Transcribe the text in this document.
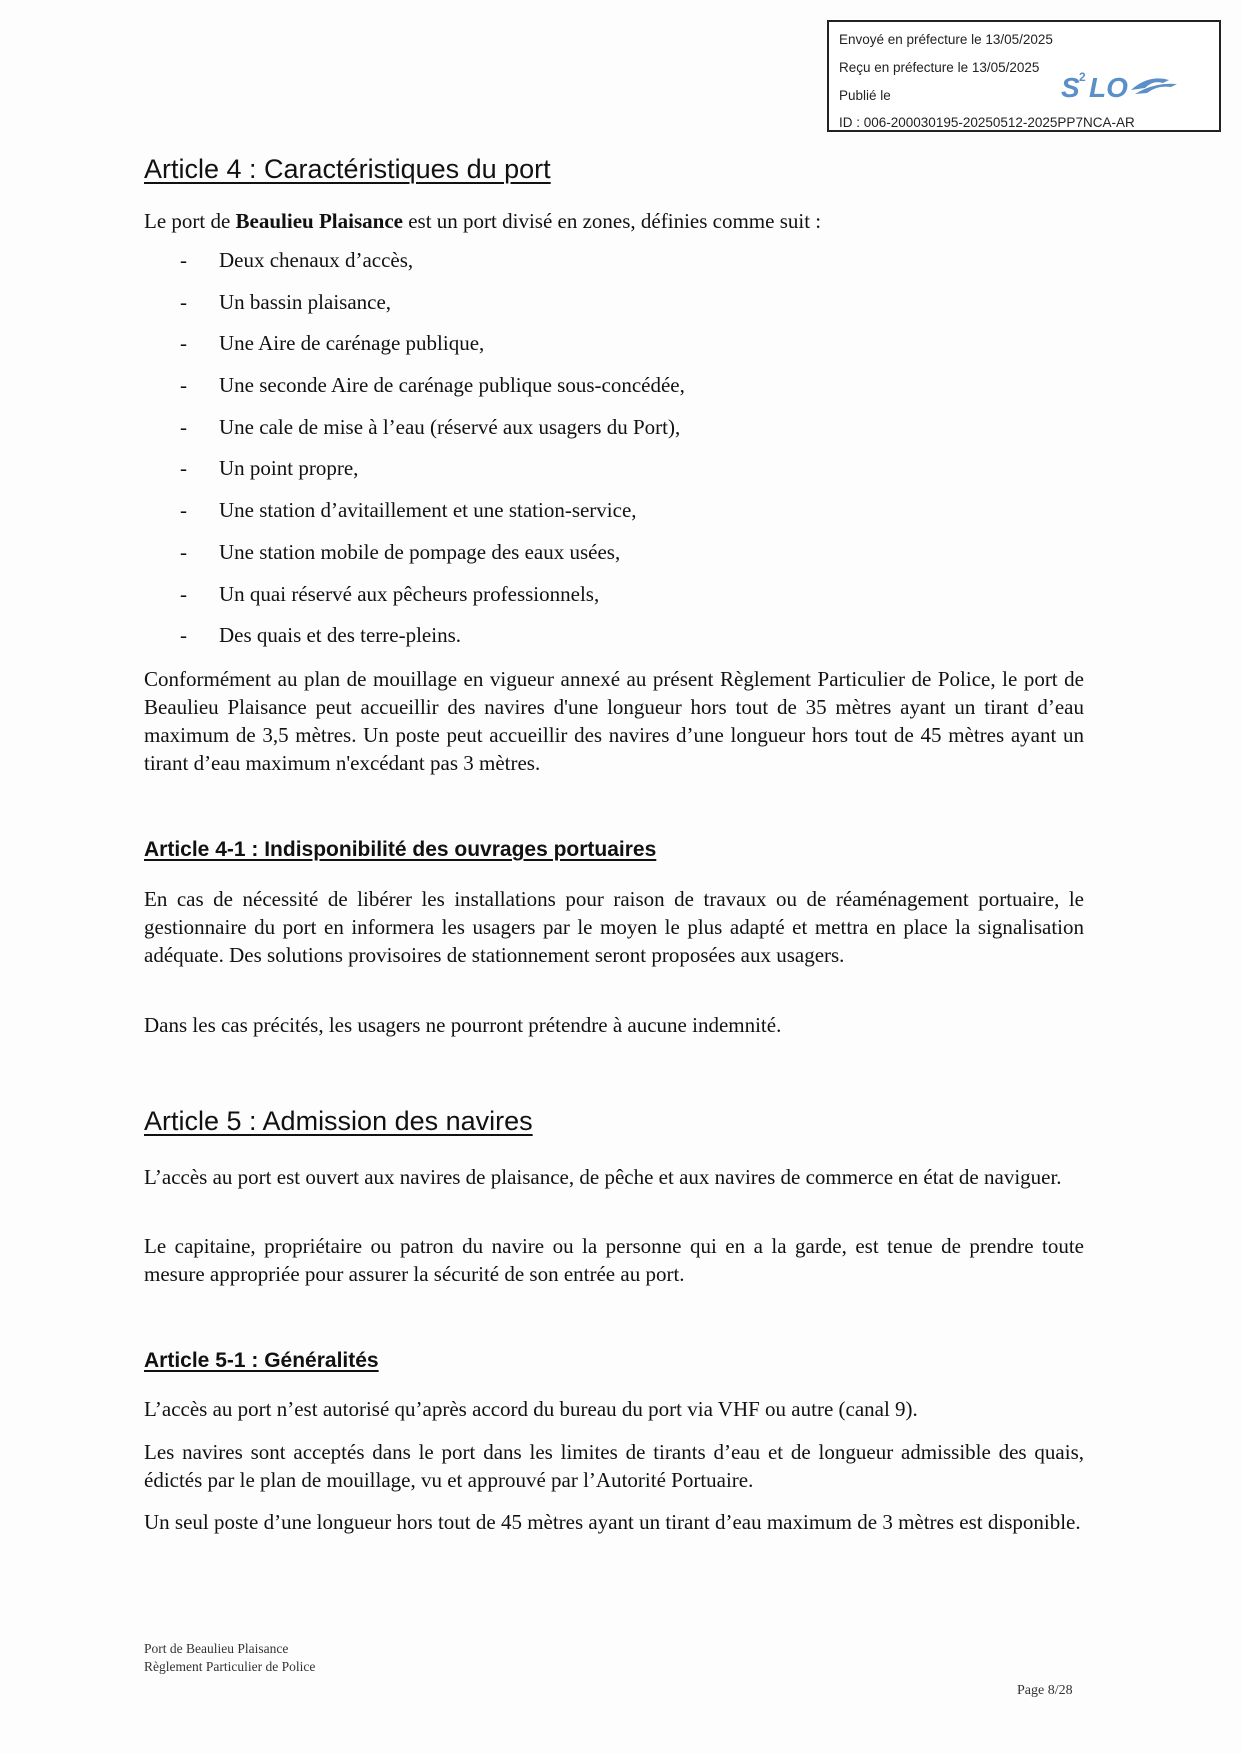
Envoyé en préfecture le 13/05/2025
Reçu en préfecture le 13/05/2025
Publié le
ID : 006-200030195-20250512-2025PP7NCA-AR
S 2 LO
Article 4 : Caractéristiques du port
Le port de Beaulieu Plaisance est un port divisé en zones, définies comme suit :
- Deux chenaux d’accès,
- Un bassin plaisance,
- Une Aire de carénage publique,
- Une seconde Aire de carénage publique sous-concédée,
- Une cale de mise à l’eau (réservé aux usagers du Port),
- Un point propre,
- Une station d’avitaillement et une station-service,
- Une station mobile de pompage des eaux usées,
- Un quai réservé aux pêcheurs professionnels,
- Des quais et des terre-pleins.
Conformément au plan de mouillage en vigueur annexé au présent Règlement Particulier de Police, le port de Beaulieu Plaisance peut accueillir des navires d'une longueur hors tout de 35 mètres ayant un tirant d’eau maximum de 3,5 mètres. Un poste peut accueillir des navires d’une longueur hors tout de 45 mètres ayant un tirant d’eau maximum n'excédant pas 3 mètres.
Article 4-1 : Indisponibilité des ouvrages portuaires
En cas de nécessité de libérer les installations pour raison de travaux ou de réaménagement portuaire, le gestionnaire du port en informera les usagers par le moyen le plus adapté et mettra en place la signalisation adéquate. Des solutions provisoires de stationnement seront proposées aux usagers.
Dans les cas précités, les usagers ne pourront prétendre à aucune indemnité.
Article 5 : Admission des navires
L’accès au port est ouvert aux navires de plaisance, de pêche et aux navires de commerce en état de naviguer.
Le capitaine, propriétaire ou patron du navire ou la personne qui en a la garde, est tenue de prendre toute mesure appropriée pour assurer la sécurité de son entrée au port.
Article 5-1 : Généralités
L’accès au port n’est autorisé qu’après accord du bureau du port via VHF ou autre (canal 9).
Les navires sont acceptés dans le port dans les limites de tirants d’eau et de longueur admissible des quais, édictés par le plan de mouillage, vu et approuvé par l’Autorité Portuaire.
Un seul poste d’une longueur hors tout de 45 mètres ayant un tirant d’eau maximum de 3 mètres est disponible.
Port de Beaulieu Plaisance
Règlement Particulier de Police
Page 8/28
